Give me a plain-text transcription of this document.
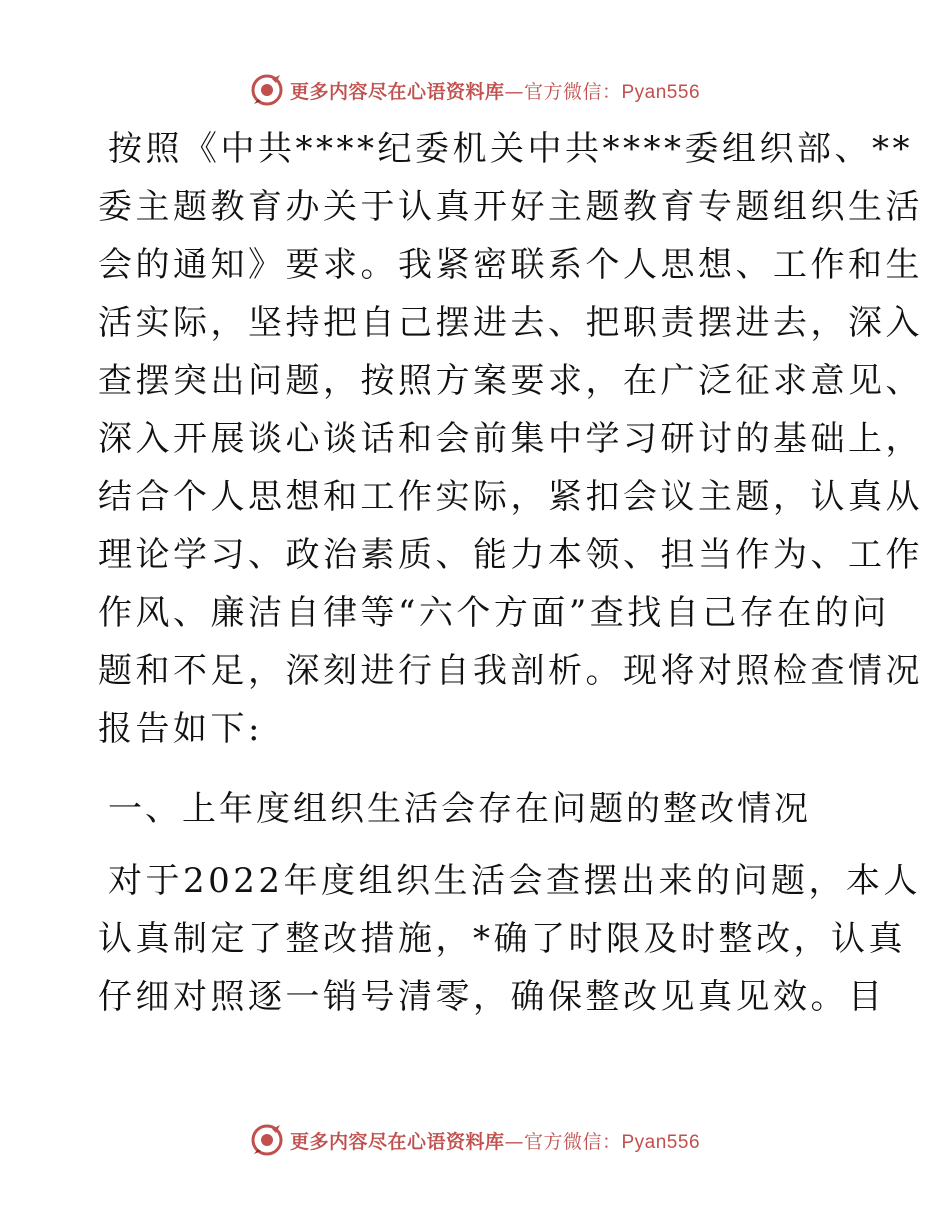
更多内容尽在心语资料库—官方微信：Pyan556

按照《中共****纪委机关中共****委组织部、**
委主题教育办关于认真开好主题教育专题组织生活
会的通知》要求。我紧密联系个人思想、工作和生
活实际，坚持把自己摆进去、把职责摆进去，深入
查摆突出问题，按照方案要求，在广泛征求意见、
深入开展谈心谈话和会前集中学习研讨的基础上，
结合个人思想和工作实际，紧扣会议主题，认真从
理论学习、政治素质、能力本领、担当作为、工作
作风、廉洁自律等“六个方面”查找自己存在的问
题和不足，深刻进行自我剖析。现将对照检查情况
报告如下:

一、上年度组织生活会存在问题的整改情况

对于2022年度组织生活会查摆出来的问题，本人
认真制定了整改措施，*确了时限及时整改，认真
仔细对照逐一销号清零，确保整改见真见效。目

更多内容尽在心语资料库—官方微信：Pyan556
